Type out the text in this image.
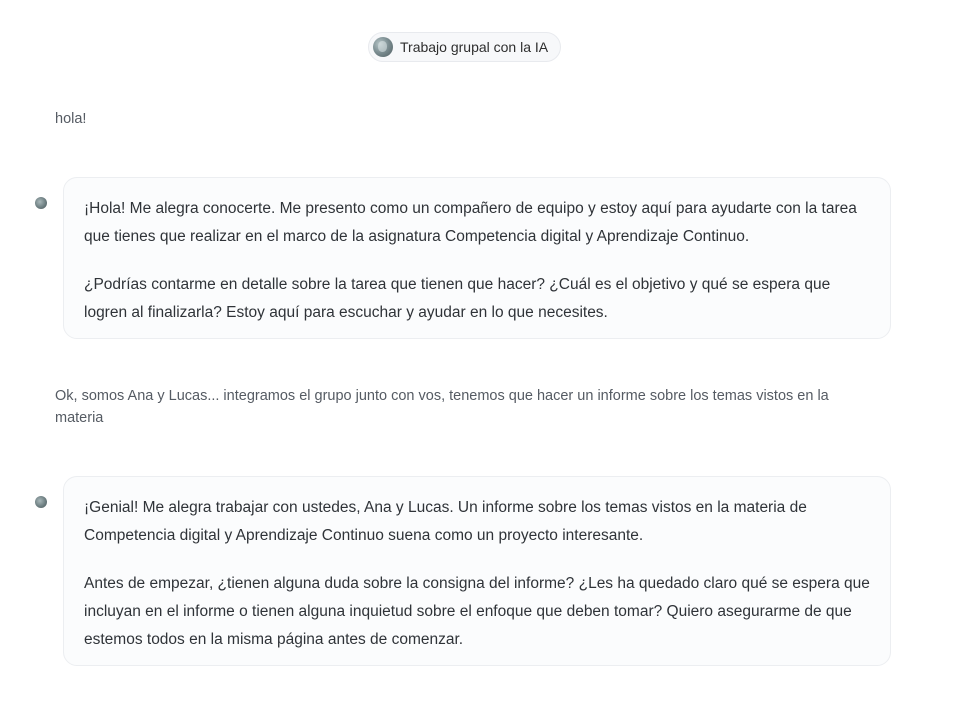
Trabajo grupal con la IA
hola!

¡Hola! Me alegra conocerte. Me presento como un compañero de equipo y estoy aquí para ayudarte con la tarea que tienes que realizar en el marco de la asignatura Competencia digital y Aprendizaje Continuo.

¿Podrías contarme en detalle sobre la tarea que tienen que hacer? ¿Cuál es el objetivo y qué se espera que logren al finalizarla? Estoy aquí para escuchar y ayudar en lo que necesites.

Ok, somos Ana y Lucas... integramos el grupo junto con vos, tenemos que hacer un informe sobre los temas vistos en la materia

¡Genial! Me alegra trabajar con ustedes, Ana y Lucas. Un informe sobre los temas vistos en la materia de Competencia digital y Aprendizaje Continuo suena como un proyecto interesante.

Antes de empezar, ¿tienen alguna duda sobre la consigna del informe? ¿Les ha quedado claro qué se espera que incluyan en el informe o tienen alguna inquietud sobre el enfoque que deben tomar? Quiero asegurarme de que estemos todos en la misma página antes de comenzar.
